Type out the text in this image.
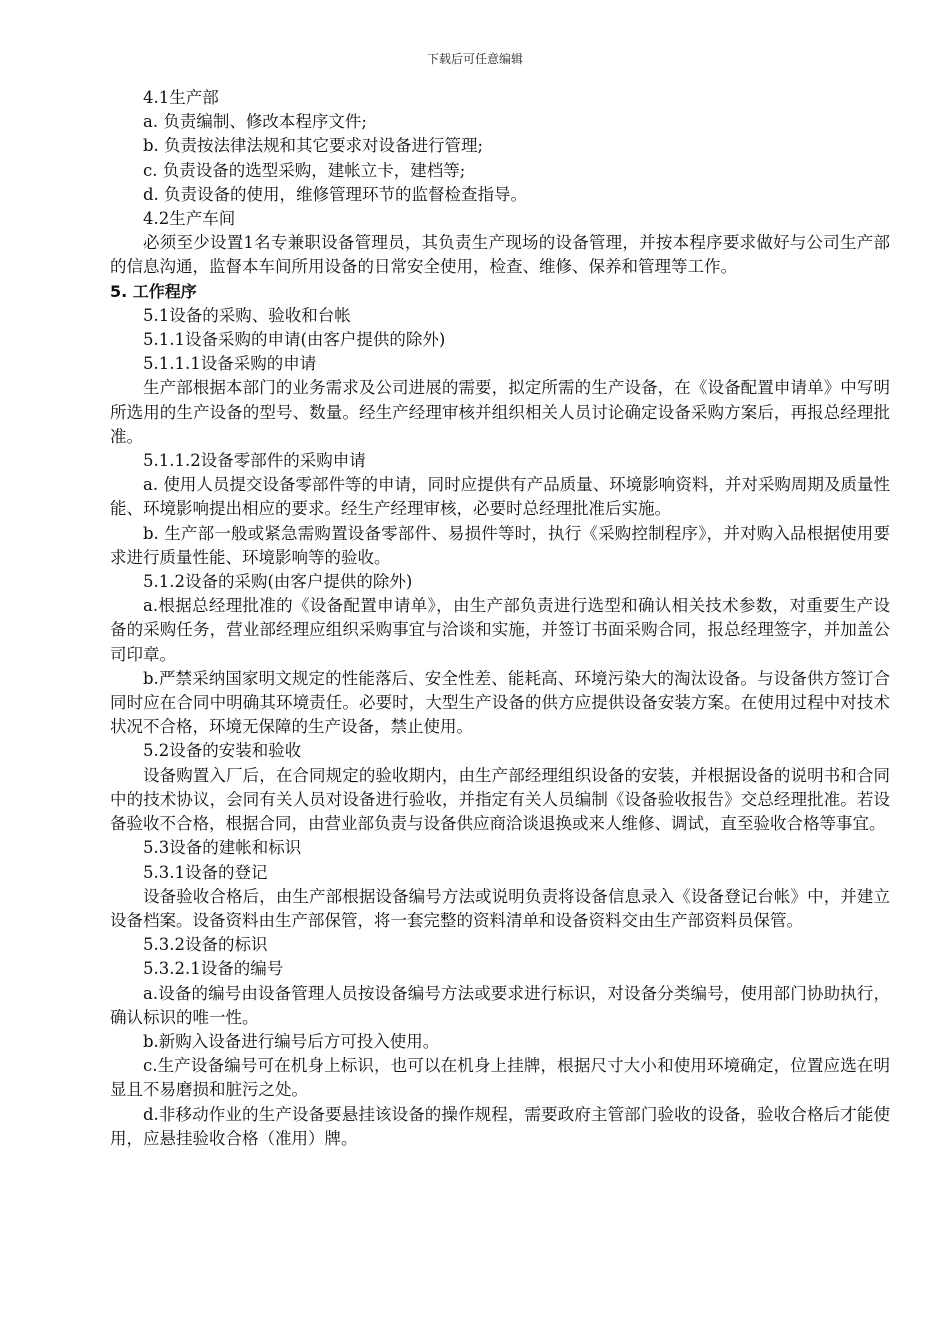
下载后可任意编辑

4.1生产部

a. 负责编制、修改本程序文件;

b. 负责按法律法规和其它要求对设备进行管理;

c. 负责设备的选型采购，建帐立卡，建档等;

d. 负责设备的使用，维修管理环节的监督检查指导。

4.2生产车间

必须至少设置1名专兼职设备管理员，其负责生产现场的设备管理，并按本程序要求做好与公司生产部的信息沟通，监督本车间所用设备的日常安全使用，检查、维修、保养和管理等工作。

5. 工作程序

5.1设备的采购、验收和台帐

5.1.1设备采购的申请(由客户提供的除外)

5.1.1.1设备采购的申请

生产部根据本部门的业务需求及公司进展的需要，拟定所需的生产设备，在《设备配置申请单》中写明所选用的生产设备的型号、数量。经生产经理审核并组织相关人员讨论确定设备采购方案后，再报总经理批准。

5.1.1.2设备零部件的采购申请

a. 使用人员提交设备零部件等的申请，同时应提供有产品质量、环境影响资料，并对采购周期及质量性能、环境影响提出相应的要求。经生产经理审核，必要时总经理批准后实施。

b. 生产部一般或紧急需购置设备零部件、易损件等时，执行《采购控制程序》，并对购入品根据使用要求进行质量性能、环境影响等的验收。

5.1.2设备的采购(由客户提供的除外)

a.根据总经理批准的《设备配置申请单》，由生产部负责进行选型和确认相关技术参数，对重要生产设备的采购任务，营业部经理应组织采购事宜与洽谈和实施，并签订书面采购合同，报总经理签字，并加盖公司印章。

b.严禁采纳国家明文规定的性能落后、安全性差、能耗高、环境污染大的淘汰设备。与设备供方签订合同时应在合同中明确其环境责任。必要时，大型生产设备的供方应提供设备安装方案。在使用过程中对技术状况不合格，环境无保障的生产设备，禁止使用。

5.2设备的安装和验收

设备购置入厂后，在合同规定的验收期内，由生产部经理组织设备的安装，并根据设备的说明书和合同中的技术协议，会同有关人员对设备进行验收，并指定有关人员编制《设备验收报告》交总经理批准。若设备验收不合格，根据合同，由营业部负责与设备供应商洽谈退换或来人维修、调试，直至验收合格等事宜。

5.3设备的建帐和标识

5.3.1设备的登记

设备验收合格后，由生产部根据设备编号方法或说明负责将设备信息录入《设备登记台帐》中，并建立设备档案。设备资料由生产部保管，将一套完整的资料清单和设备资料交由生产部资料员保管。

5.3.2设备的标识

5.3.2.1设备的编号

a.设备的编号由设备管理人员按设备编号方法或要求进行标识，对设备分类编号，使用部门协助执行，确认标识的唯一性。

b.新购入设备进行编号后方可投入使用。

c.生产设备编号可在机身上标识，也可以在机身上挂牌，根据尺寸大小和使用环境确定，位置应选在明显且不易磨损和脏污之处。

d.非移动作业的生产设备要悬挂该设备的操作规程，需要政府主管部门验收的设备，验收合格后才能使用，应悬挂验收合格（准用）牌。
